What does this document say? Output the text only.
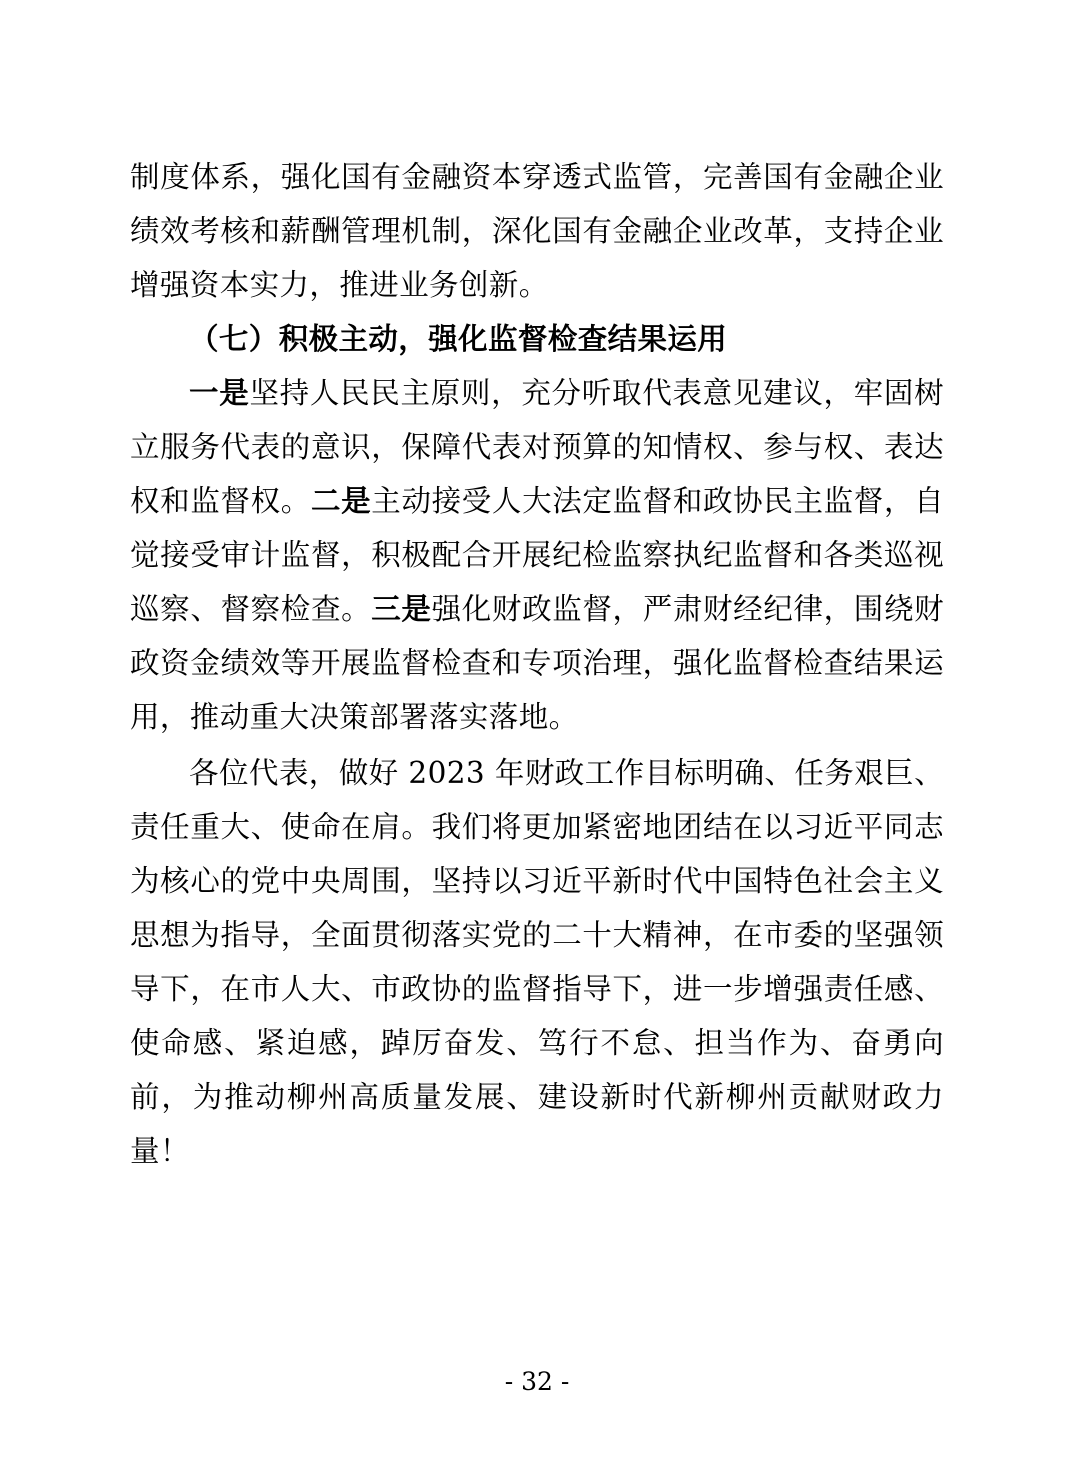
制度体系，强化国有金融资本穿透式监管，完善国有金融企业绩效考核和薪酬管理机制，深化国有金融企业改革，支持企业增强资本实力，推进业务创新。

（七）积极主动，强化监督检查结果运用

一是坚持人民民主原则，充分听取代表意见建议，牢固树立服务代表的意识，保障代表对预算的知情权、参与权、表达权和监督权。二是主动接受人大法定监督和政协民主监督，自觉接受审计监督，积极配合开展纪检监察执纪监督和各类巡视巡察、督察检查。三是强化财政监督，严肃财经纪律，围绕财政资金绩效等开展监督检查和专项治理，强化监督检查结果运用，推动重大决策部署落实落地。

各位代表，做好 2023 年财政工作目标明确、任务艰巨、责任重大、使命在肩。我们将更加紧密地团结在以习近平同志为核心的党中央周围，坚持以习近平新时代中国特色社会主义思想为指导，全面贯彻落实党的二十大精神，在市委的坚强领导下，在市人大、市政协的监督指导下，进一步增强责任感、使命感、紧迫感，踔厉奋发、笃行不怠、担当作为、奋勇向前，为推动柳州高质量发展、建设新时代新柳州贡献财政力量！

- 32 -
